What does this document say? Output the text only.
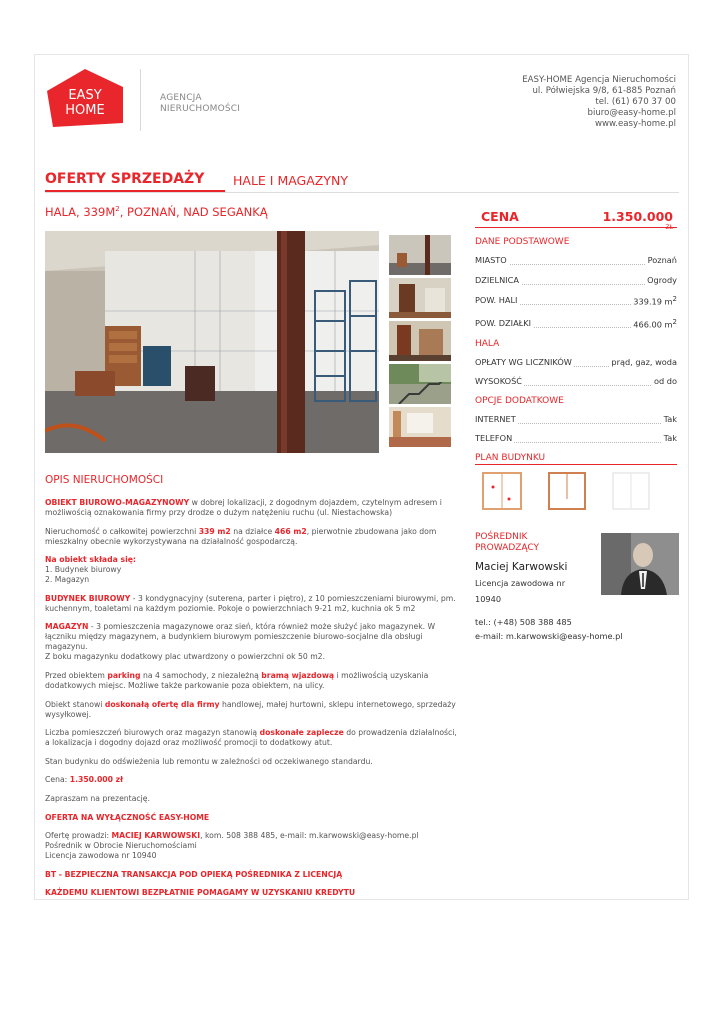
EASY
HOME
AGENCJA
NIERUCHOMOŚCI
EASY-HOME Agencja Nieruchomości
ul. Półwiejska 9/8, 61-885 Poznań
tel. (61) 670 37 00
biuro@easy-home.pl
www.easy-home.pl
OFERTY SPRZEDAŻY HALE I MAGAZYNY
HALA, $339M^2$, POZNAŃ, NAD SEGANKĄ	CENA	1.350.000
ZŁ
DANE PODSTAWOWE
MIASTO	Poznań
DZIELNICA	Ogrody
POW. HALI	339.19 $m^2$
POW. DZIAŁKI	466.00 $m^2$
HALA
OPŁATY WG LICZNIKÓW	prąd, gaz, woda
WYSOKOŚĆ	od do
OPCJE DODATKOWE
INTERNET	Tak
TELEFON	Tak
PLAN BUDYNKU
POŚREDNIK
PROWADZĄCY
Maciej Karwowski
Licencja zawodowa nr
10940
tel.: (+48) 508 388 485
e-mail: m.karwowski@easy-home.pl
OPIS NIERUCHOMOŚCI

OBIEKT BIUROWO-MAGAZYNOWY w dobrej lokalizacji, z dogodnym dojazdem, czytelnym adresem i możliwością oznakowania firmy przy drodze o dużym natężeniu ruchu (ul. Niestachowska)

Nieruchomość o całkowitej powierzchni 339 m2 na działce 466 m2, pierwotnie zbudowana jako dom mieszkalny obecnie wykorzystywana na działalność gospodarczą.

Na obiekt składa się:
1. Budynek biurowy
2. Magazyn

BUDYNEK BIUROWY - 3 kondygnacyjny (suterena, parter i piętro), z 10 pomieszczeniami biurowymi, pm. kuchennym, toaletami na każdym poziomie. Pokoje o powierzchniach 9-21 m2, kuchnia ok 5 m2

MAGAZYN - 3 pomieszczenia magazynowe oraz sień, która również może służyć jako magazynek. W łączniku między magazynem, a budynkiem biurowym pomieszczenie biurowo-socjalne dla obsługi magazynu.
Z boku magazynku dodatkowy plac utwardzony o powierzchni ok 50 m2.

Przed obiektem parking na 4 samochody, z niezależną bramą wjazdową i możliwością uzyskania dodatkowych miejsc. Możliwe także parkowanie poza obiektem, na ulicy.

Obiekt stanowi doskonałą ofertę dla firmy handlowej, małej hurtowni, sklepu internetowego, sprzedaży wysyłkowej.

Liczba pomieszczeń biurowych oraz magazyn stanowią doskonałe zaplecze do prowadzenia działalności, a lokalizacja i dogodny dojazd oraz możliwość promocji to dodatkowy atut.

Stan budynku do odświeżenia lub remontu w zależności od oczekiwanego standardu.

Cena: 1.350.000 zł

Zapraszam na prezentację.

OFERTA NA WYŁĄCZNOŚĆ EASY-HOME

Ofertę prowadzi: MACIEJ KARWOWSKI, kom. 508 388 485, e-mail: m.karwowski@easy-home.pl
Pośrednik w Obrocie Nieruchomościami
Licencja zawodowa nr 10940

BT - BEZPIECZNA TRANSAKCJA POD OPIEKĄ POŚREDNIKA Z LICENCJĄ

KAŻDEMU KLIENTOWI BEZPŁATNIE POMAGAMY W UZYSKANIU KREDYTU
